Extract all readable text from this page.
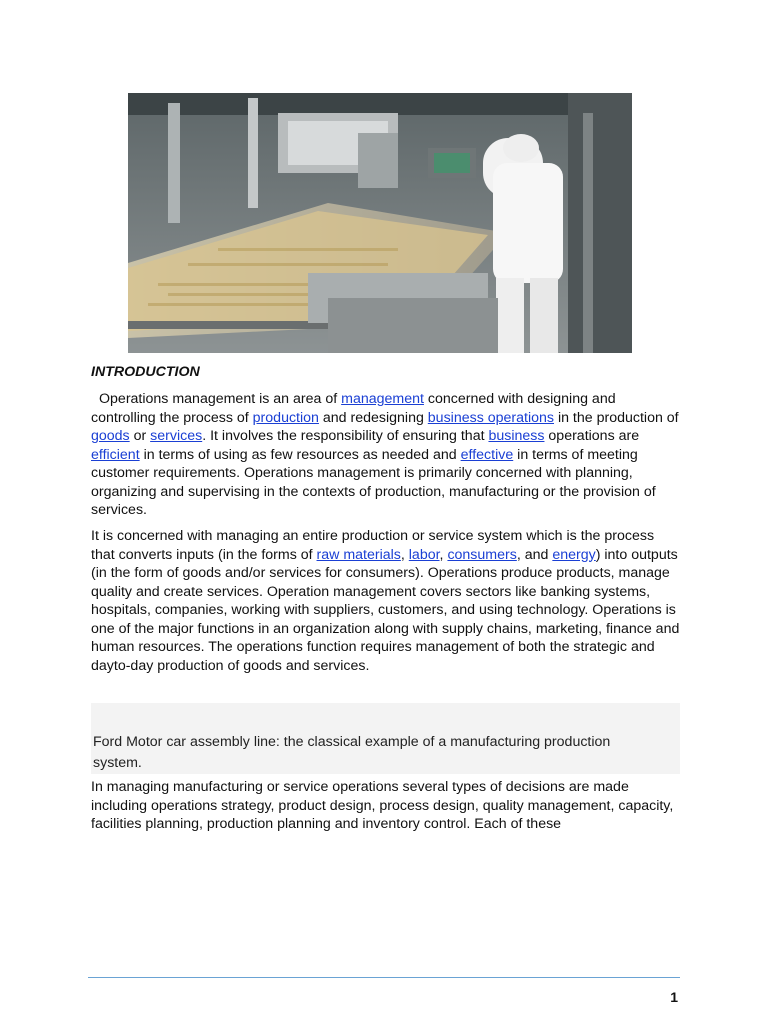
INTRODUCTION
Operations management is an area of management concerned with designing and controlling the process of production and redesigning business operations in the production of goods or services. It involves the responsibility of ensuring that business operations are efficient in terms of using as few resources as needed and effective in terms of meeting customer requirements. Operations management is primarily concerned with planning, organizing and supervising in the contexts of production, manufacturing or the provision of services.
It is concerned with managing an entire production or service system which is the process that converts inputs (in the forms of raw materials, labor, consumers, and energy) into outputs (in the form of goods and/or services for consumers). Operations produce products, manage quality and create services. Operation management covers sectors like banking systems, hospitals, companies, working with suppliers, customers, and using technology. Operations is one of the major functions in an organization along with supply chains, marketing, finance and human resources. The operations function requires management of both the strategic and dayto-day production of goods and services.
Ford Motor car assembly line: the classical example of a manufacturing production system.
In managing manufacturing or service operations several types of decisions are made including operations strategy, product design, process design, quality management, capacity, facilities planning, production planning and inventory control. Each of these
1
